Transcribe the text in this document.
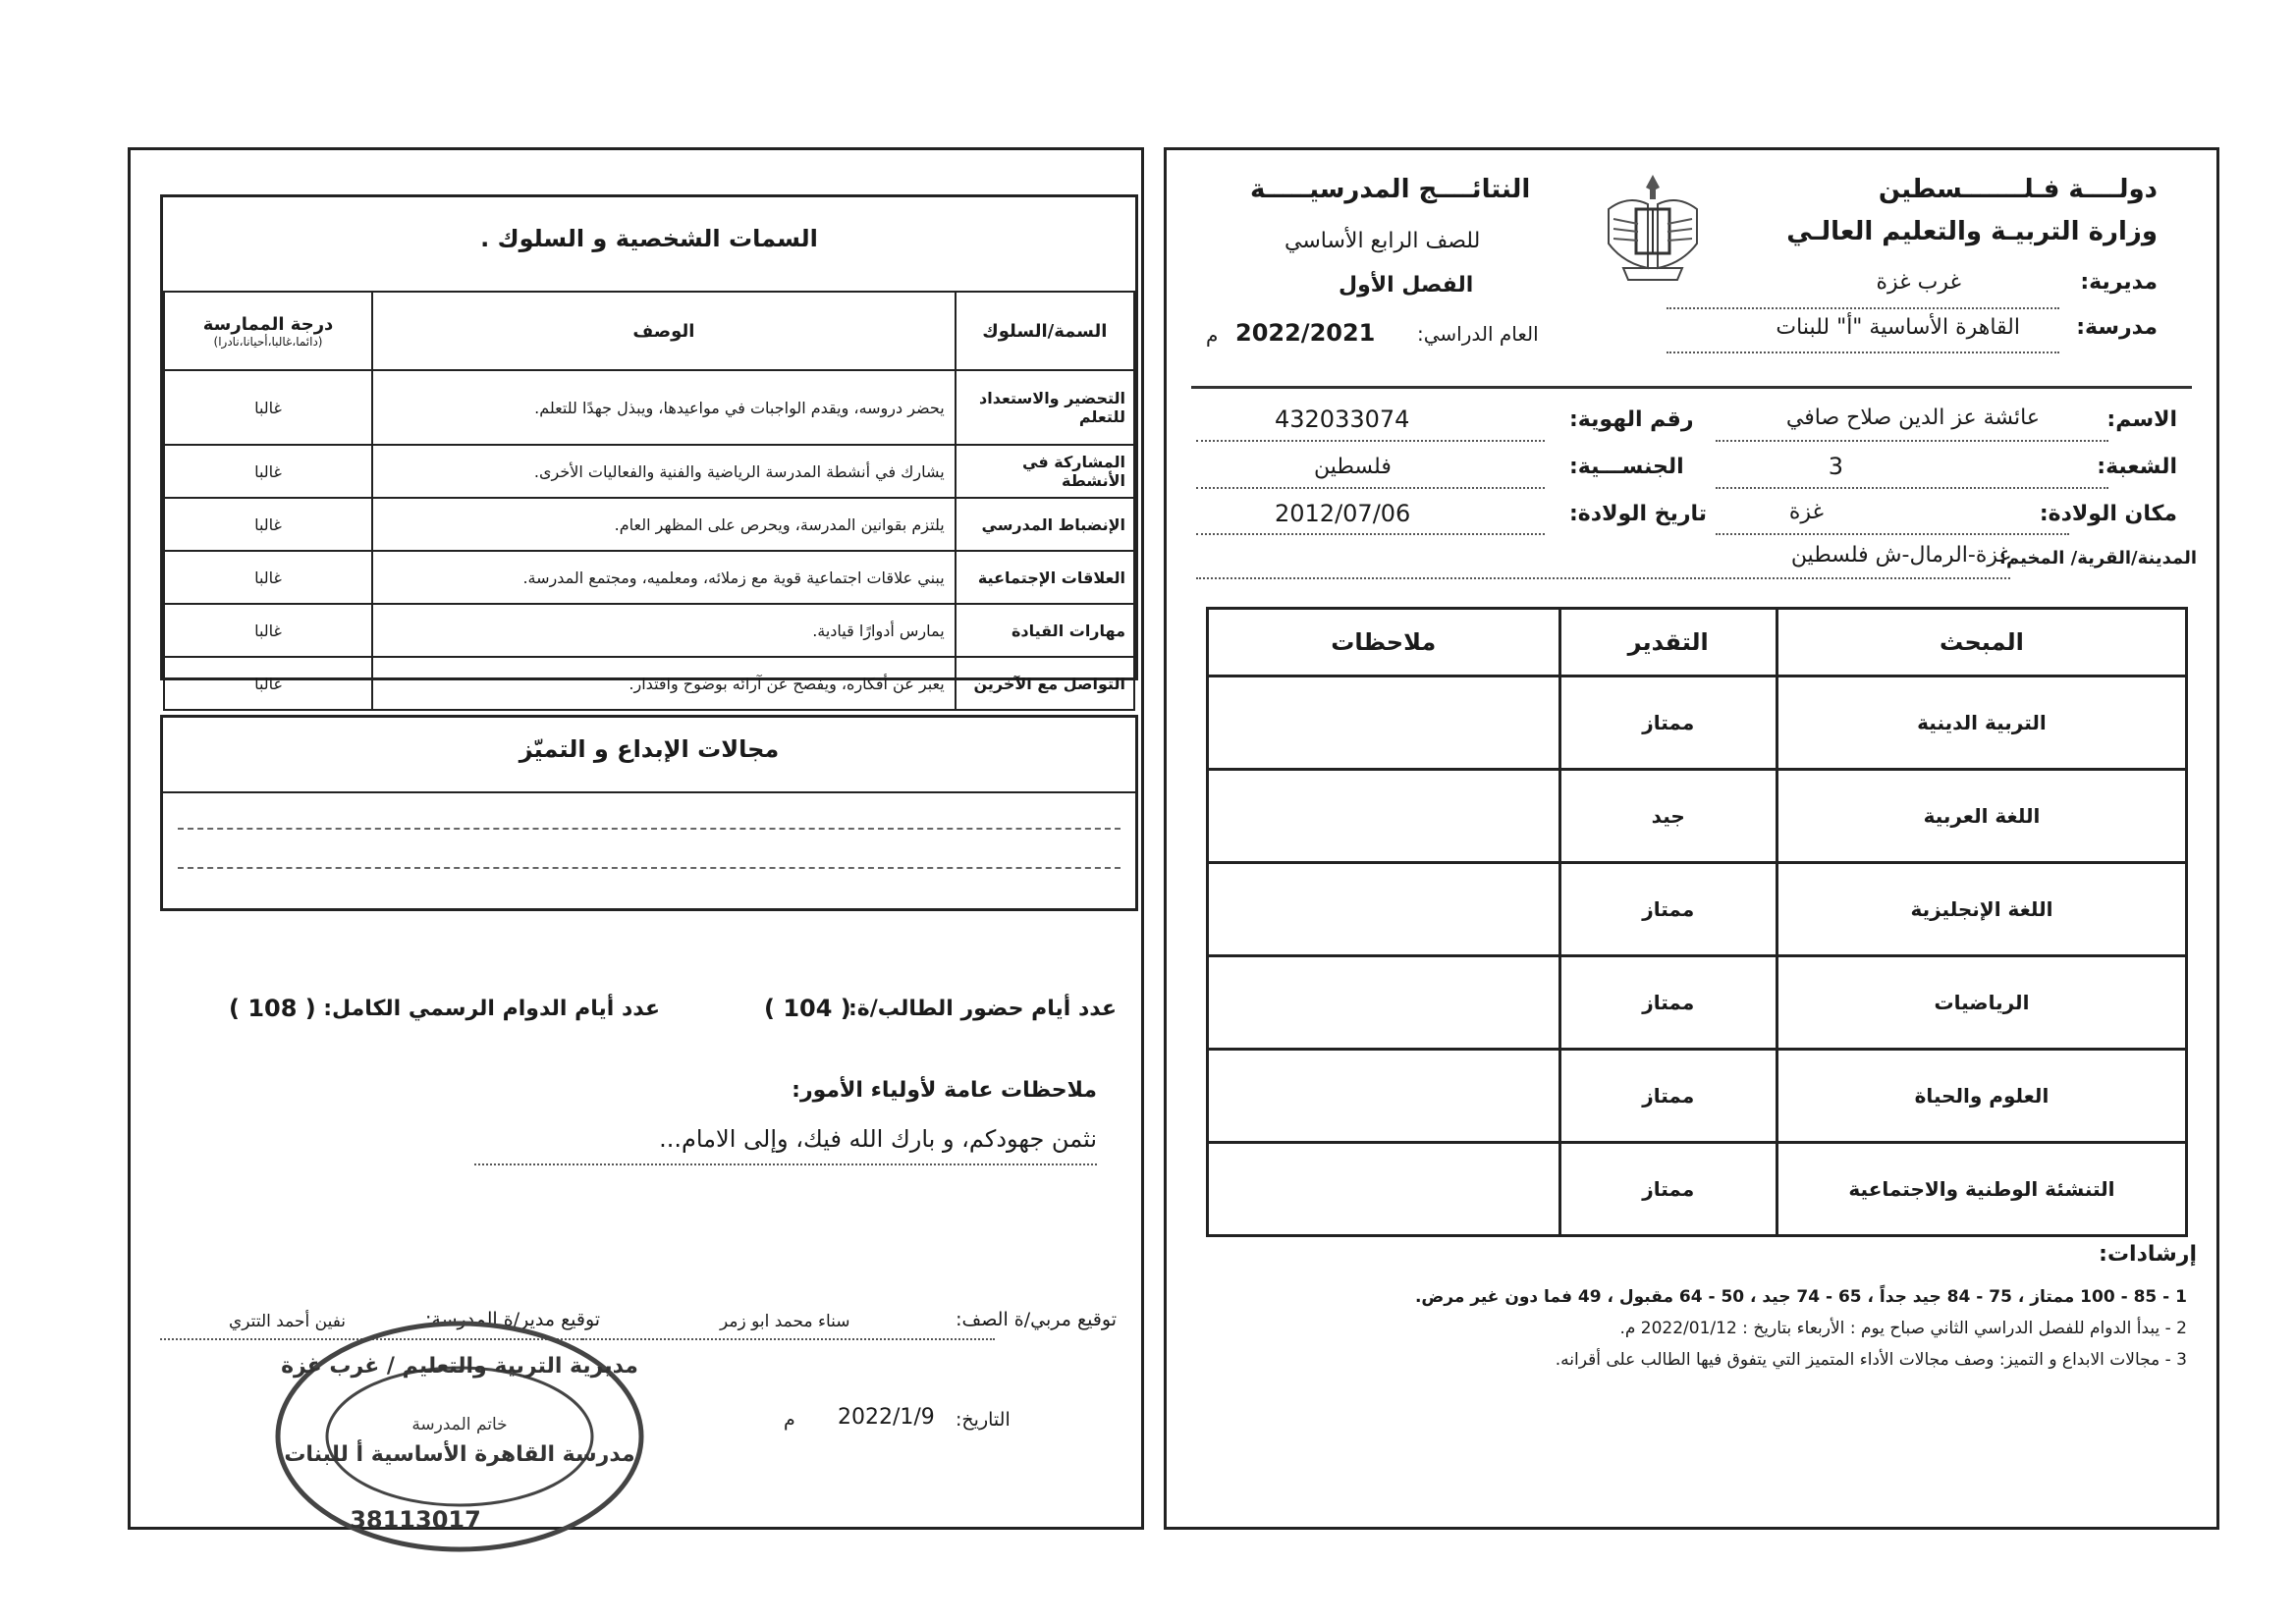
السمات الشخصية و السلوك .
السمة/السلوك	الوصف	درجة الممارسة
(دائما،غالبا،أحيانا،نادرا)

التحضير والاستعداد للتعلم	يحضر دروسه، ويقدم الواجبات في مواعيدها، ويبذل جهدًا للتعلم.	غالبا
المشاركة في الأنشطة	يشارك في أنشطة المدرسة الرياضية والفنية والفعاليات الأخرى.	غالبا
الإنضباط المدرسي	يلتزم بقوانين المدرسة، ويحرص على المظهر العام.	غالبا
العلاقات الإجتماعية	يبني علاقات اجتماعية قوية مع زملائه، ومعلميه، ومجتمع المدرسة.	غالبا
مهارات القيادة	يمارس أدوارًا قيادية.	غالبا
التواصل مع الآخرين	يعبر عن أفكاره، ويفصح عن آرائه بوضوح واقتدار.	غالبا
مجالات الإبداع و التميّز
عدد أيام حضور الطالب/ة:
( 104 )
عدد أيام الدوام الرسمي الكامل:
( 108 )
ملاحظات عامة لأولياء الأمور:
نثمن جهودكم، و بارك الله فيك، وإلى الامام...
توقيع مربي/ة الصف:
سناء محمد ابو زمر
توقيع مدير/ة المدرسة:
نفين أحمد التتري
التاريخ:
2022/1/9
م
مديرية التربية والتعليم / غرب غزة
خاتم المدرسة
مدرسة القاهرة الأساسية أ للبنات
38113017
دولــــة فـلـــــــسطين
وزارة التربيـة والتعليم العالـي
مديرية:
غرب غزة
مدرسة:
القاهرة الأساسية "أ" للبنات
النتائــــج المدرسيـــــة
للصف الرابع الأساسي
الفصل الأول
العام الدراسي:
2022/2021
م
الاسم:
عائشة عز الدين صلاح صافي
رقم الهوية:
432033074
الشعبة:
3
الجنســـية:
فلسطين
مكان الولادة:
غزة
تاريخ الولادة:
2012/07/06
المدينة/القرية/ المخيم:
غزة-الرمال-ش فلسطين
المبحث	التقدير	ملاحظات
التربية الدينية	ممتاز	
اللغة العربية	جيد	
اللغة الإنجليزية	ممتاز	
الرياضيات	ممتاز	
العلوم والحياة	ممتاز	
التنشئة الوطنية والاجتماعية	ممتاز	
إرشادات:
1 - 85 - 100 ممتاز ، 75 - 84 جيد جداً ، 65 - 74 جيد ، 50 - 64 مقبول ، 49 فما دون غير مرض.
2 - يبدأ الدوام للفصل الدراسي الثاني صباح يوم : الأربعاء بتاريخ : 2022/01/12 م.
3 - مجالات الابداع و التميز: وصف مجالات الأداء المتميز التي يتفوق فيها الطالب على أقرانه.
